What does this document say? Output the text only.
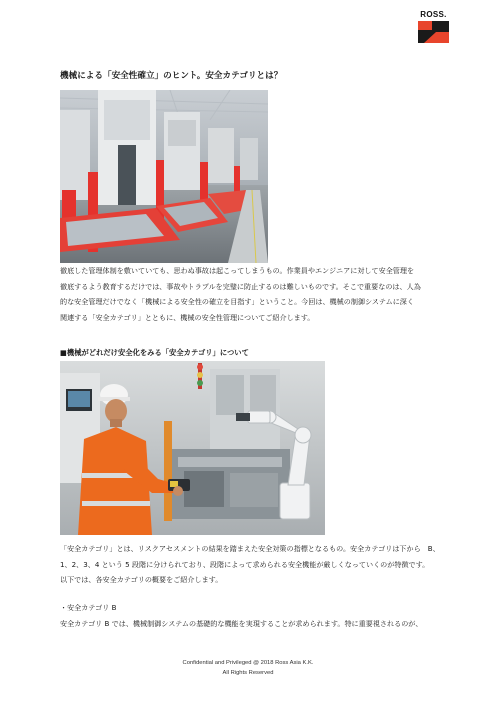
ROSS.
機械による「安全性確立」のヒント。安全カテゴリとは？

徹底した管理体制を敷いていても、思わぬ事故は起こってしまうもの。作業員やエンジニアに対して安全管理を

徹底するよう教育するだけでは、事故やトラブルを完璧に防止するのは難しいものです。そこで重要なのは、人為

的な安全管理だけでなく「機械による安全性の確立を目指す」ということ。今回は、機械の制御システムに深く

関連する「安全カテゴリ」とともに、機械の安全性管理についてご紹介します。

■機械がどれだけ安全化をみる「安全カテゴリ」について

「安全カテゴリ」とは、リスクアセスメントの結果を踏まえた安全対策の指標となるもの。安全カテゴリは下から　B、

1、2、3、4 という 5 段階に分けられており、段階によって求められる安全機能が厳しくなっていくのが特徴です。

以下では、各安全カテゴリの概要をご紹介します。

・安全カテゴリ B

安全カテゴリ B では、機械制御システムの基礎的な機能を実現することが求められます。特に重要視されるのが、

Confidential and Privileged @ 2018 Ross Asia K.K.
All Rights Reserved
